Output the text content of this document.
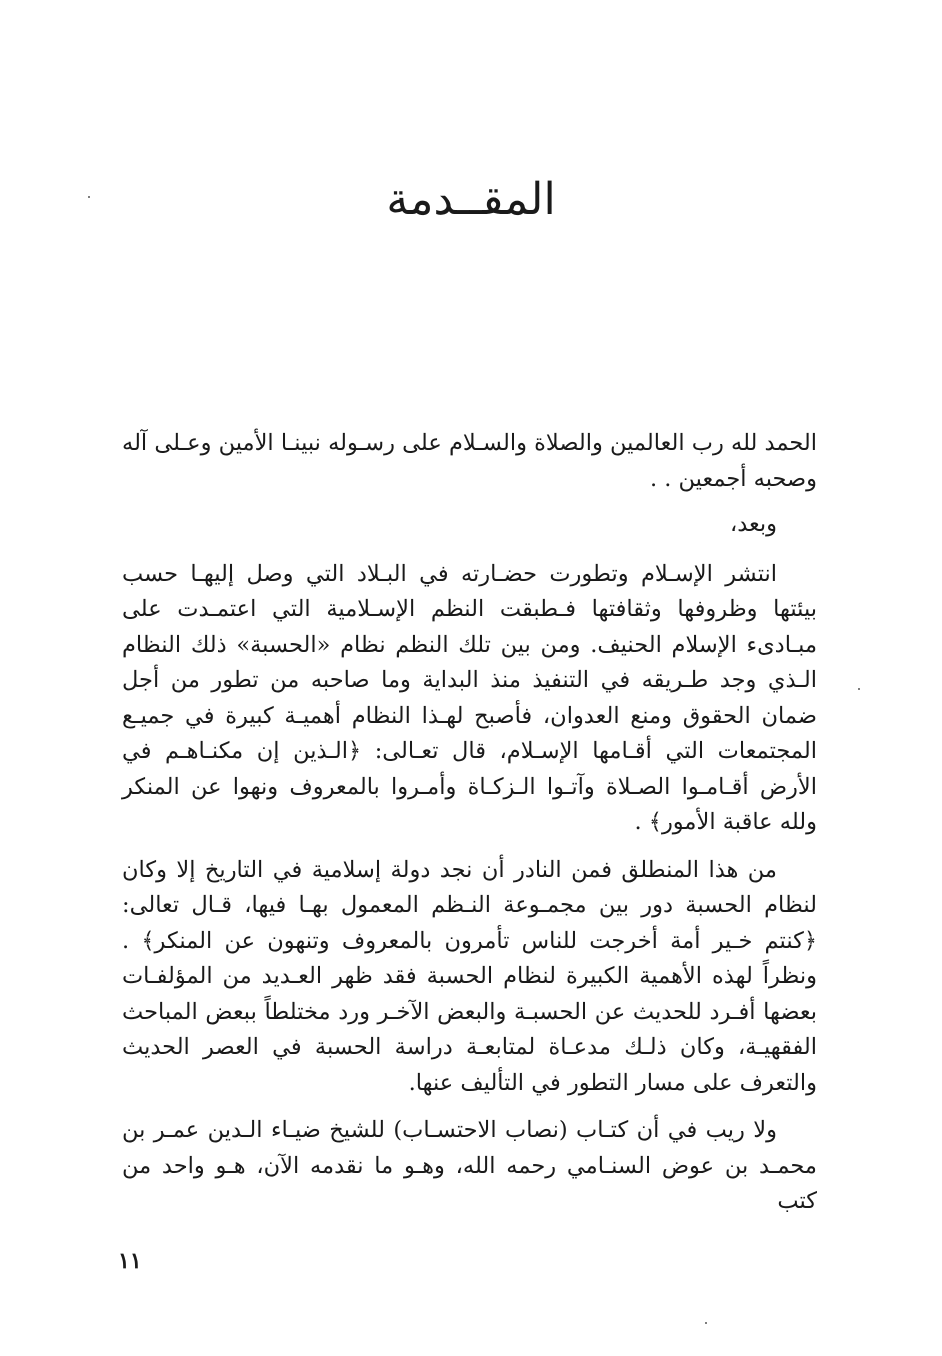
المقــدمة

الحمد لله رب العالمين والصلاة والسـلام على رسـوله نبينـا الأمين وعـلى آله وصحبه أجمعين . .

وبعد،

انتشر الإسـلام وتطورت حضـارته في البـلاد التي وصل إليهـا حسب بيئتها وظروفها وثقافتها فـطبقت النظم الإسـلامية التي اعتمـدت على مبـادىء الإسلام الحنيف. ومن بين تلك النظم نظام «الحسبة» ذلك النظام الـذي وجد طـريقه في التنفيذ منذ البداية وما صاحبه من تطور من أجل ضمان الحقوق ومنع العدوان، فأصبح لهـذا النظام أهميـة كبيرة في جميـع المجتمعات التي أقـامها الإسـلام، قال تعـالى: ﴿الـذين إن مكنـاهـم في الأرض أقـامـوا الصـلاة وآتـوا الـزكـاة وأمـروا بالمعروف ونهوا عن المنكر ولله عاقبة الأمور﴾ .

من هذا المنطلق فمن النادر أن نجد دولة إسلامية في التاريخ إلا وكان لنظام الحسبة دور بين مجمـوعة النـظم المعمول بهـا فيها، قـال تعالى: ﴿كنتم خـير أمة أخرجت للناس تأمرون بالمعروف وتنهون عن المنكر﴾ . ونظراً لهذه الأهمية الكبيرة لنظام الحسبة فقد ظهر العـديد من المؤلفـات بعضها أفـرد للحديث عن الحسبـة والبعض الآخـر ورد مختلطاً ببعض المباحث الفقهيـة، وكان ذلـك مدعـاة لمتابعـة دراسة الحسبة في العصر الحديث والتعرف على مسار التطور في التأليف عنها.

ولا ريب في أن كتـاب (نصاب الاحتسـاب) للشيخ ضيـاء الـدين عمـر بن محمـد بن عوض السنـامي رحمه الله، وهـو ما نقدمه الآن، هـو واحد من كتب

١١
